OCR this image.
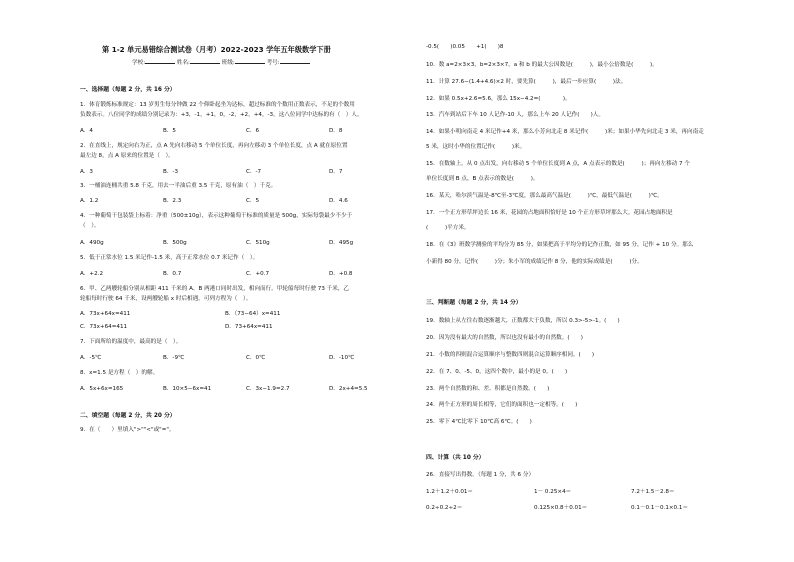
第 1-2 单元易错综合测试卷（月考）2022-2023 学年五年级数学下册
学校:	姓名:	班级:	考号:
一、选择题（每题 2 分，共 16 分）
1．体育锻炼标准规定：13 岁男生每分钟做 22 个仰卧起坐为达标，超过标准的个数用正数表示，不足的个数用
负数表示。八位同学的成绩分别记录为：+3，-1，+1，0，-2，+2，+4，-3。这八位同学中达标的有（　）人。
A．4	B．5	C．6	D．8
2．在直线上，规定向右为正，点 A 先向右移动 5 个单位长度，再向左移动 3 个单位长度，点 A 就在原位置
最左边 8，点 A 原来的位置是（　）。
A．3	B．-3	C．-7	D．7
3．一桶油连桶共重 5.8 千克，用去一半油后重 3.5 千克，原有油（　）千克。
A．1.2	B．2.3	C．5	D．4.6
4．一种葡萄干包装袋上标着：净重（500±10g），表示这种葡萄干标准的质量是 500g，实际每袋最少不少于
（　）。
A．490g	B．500g	C．510g	D．495g
5．低于正常水位 1.5 米记作-1.5 米，高于正常水位 0.7 米记作（　）。
A．+2.2	B．0.7	C．+0.7	D．+0.8
6．甲、乙两艘轮船分别从相距 411 千米的 A、B 两港口同时出发，相向而行。甲轮船每时行驶 73 千米，乙
轮船每时行驶 64 千米，设两艘轮船 x 时后相遇。可列方程为（　）。
A．73x+64x=411	B．（73−64）x=411
C．73x+64=411	D．73+64x=411
7．下面所给的温度中，最高的是（　）。
A．-5℃	B．-9℃	C．0℃	D．-10℃
8．x=1.5 是方程（　）的解。
A．5x+6x=165	B．10×5−6x=41	C．3x−1.9=2.7	D．2x+4=5.5
二、填空题（每题 2 分，共 20 分）
9．在（　　）里填入">""<"或"="。
-0.5(　　)0.05　　+1(　　)8
10．数 a=2×3×3，b=2×3×7，a 和 b 的最大公因数是(　　　)，最小公倍数是(　　　)。
11．计算 27.6−(1.4+4.6)×2 时，要先算(　　　)，最后一步应算(　　　)法。
12．如果 0.5x+2.6=5.6，那么 15x−4.2=(　　　　)。
13．汽车到站后下车 10 人记作-10 人，那么上车 20 人记作(　　)人。
14．如果小明向南走 4 米记作+4 米，那么小芳向北走 8 米记作(　　　)米；如果小华先向北走 3 米，再向南走
5 米，这时小华的位置记作(　　　)米。
15．在数轴上，从 0 点出发，向右移动 5 个单位长度到 A 点，A 点表示的数是(　　　)；再向左移动 7 个
单位长度到 B 点，B 点表示的数是(　　　)。
16．某天，哈尔滨气温是-8℃至-3℃度，那么最高气温是(　　　)℃，最低气温是(　　　)℃。
17．一个正方形草坪边长 16 米，花园的占地面积恰好是 10 个正方形草坪那么大。花园占地面积是
(　　　)平方米。
18．在《3》班数学测验的平均分为 85 分，如果把高于平均分的记作正数，如 95 分，记作 + 10 分。那么
小新得 80 分，记作(　　　)分；朱小军的成绩记作 8 分，他的实际成绩是(　　　)分。
三、判断题（每题 2 分，共 14 分）
19．数轴上从左往右数逐渐越大，正数都大于负数，所以 0.3>-5>-1。(　　)
20．因为没有最大的自然数，所以也没有最小的自然数。(　　)
21．小数的四则混合运算顺序与整数四则混合运算顺序相同。(　　)
22．在 7、0、-5、0，这四个数中，最小的是 0。(　　)
23．两个自然数的和、差、积都是自然数。(　　)
24．两个正方形的周长相等，它们的面积也一定相等。(　　)
25．零下 4℃比零下 10℃高 6℃。(　　)
四、计算（共 10 分）
26．直接写出得数。（每题 1 分，共 6 分）
1.2＋1.2＋0.01＝	1－ 0.25×4＝	7.2＋1.5－2.8＝
0.2÷0.2÷2＝	0.125×0.8＋0.01＝	0.1－0.1－0.1×0.1＝
